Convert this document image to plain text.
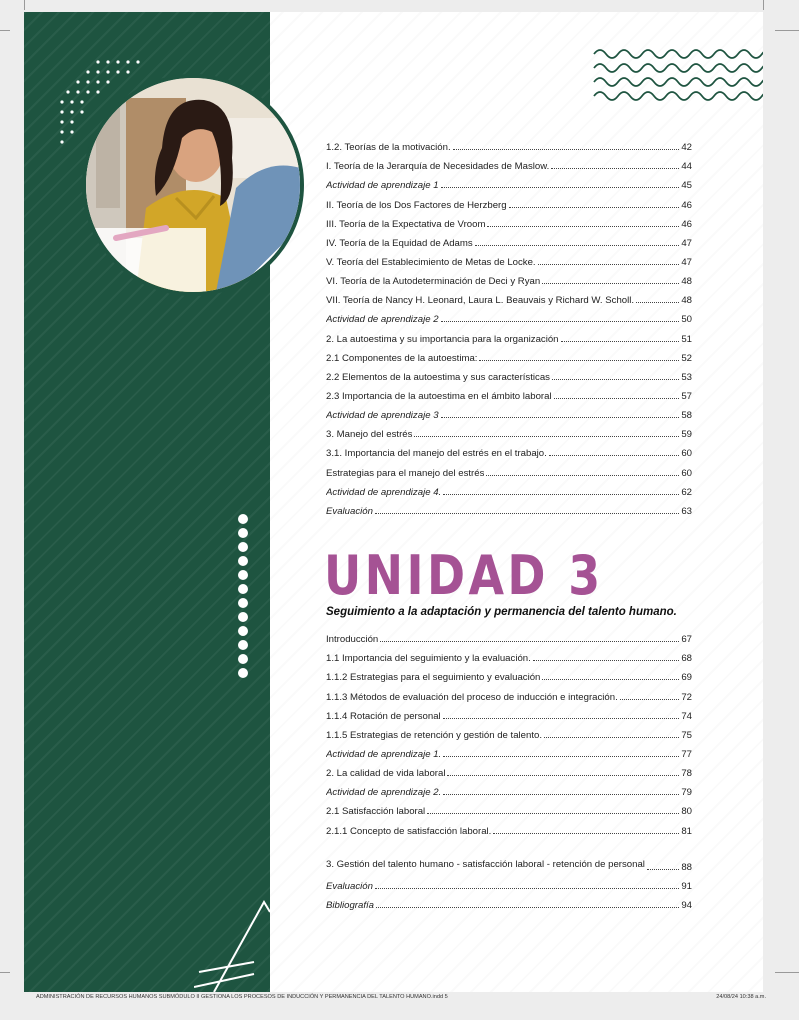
1.2. Teorías de la motivación.	42
I. Teoría de la Jerarquía de Necesidades de Maslow.	44
Actividad de aprendizaje 1	45
II. Teoría de los Dos Factores de Herzberg	46
III. Teoría de la Expectativa de Vroom	46
IV. Teoría de la Equidad de Adams	47
V. Teoría del Establecimiento de Metas de Locke.	47
VI. Teoría de la Autodeterminación de Deci y Ryan	48
VII. Teoría de Nancy H. Leonard, Laura L. Beauvais y Richard W. Scholl.	48
Actividad de aprendizaje 2	50
2. La autoestima y su importancia para la organización	51
2.1 Componentes de la autoestima:	52
2.2 Elementos de la autoestima y sus características	53
2.3 Importancia de la autoestima en el ámbito laboral	57
Actividad de aprendizaje 3	58
3. Manejo del estrés	59
3.1. Importancia del manejo del estrés en el trabajo.	60
Estrategias para el manejo del estrés	60
Actividad de aprendizaje 4.	62
Evaluación	63
UNIDAD 3
Seguimiento a la adaptación y permanencia del talento humano.
Introducción	67
1.1 Importancia del seguimiento y la evaluación.	68
1.1.2 Estrategias para el seguimiento y evaluación	69
1.1.3 Métodos de evaluación del proceso de inducción e integración.	72
1.1.4 Rotación de personal	74
1.1.5 Estrategias de retención y gestión de talento.	75
Actividad de aprendizaje 1.	77
2. La calidad de vida laboral	78
Actividad de aprendizaje 2.	79
2.1 Satisfacción laboral	80
2.1.1 Concepto de satisfacción laboral.	81
3. Gestión del talento humano - satisfacción laboral - retención de personal	88
Evaluación	91
Bibliografía	94
ADMINISTRACIÓN DE RECURSOS HUMANOS SUBMÓDULO II GESTIONA LOS PROCESOS DE INDUCCIÓN Y PERMANENCIA DEL TALENTO HUMANO.indd 5	24/08/24 10:38 a.m.
